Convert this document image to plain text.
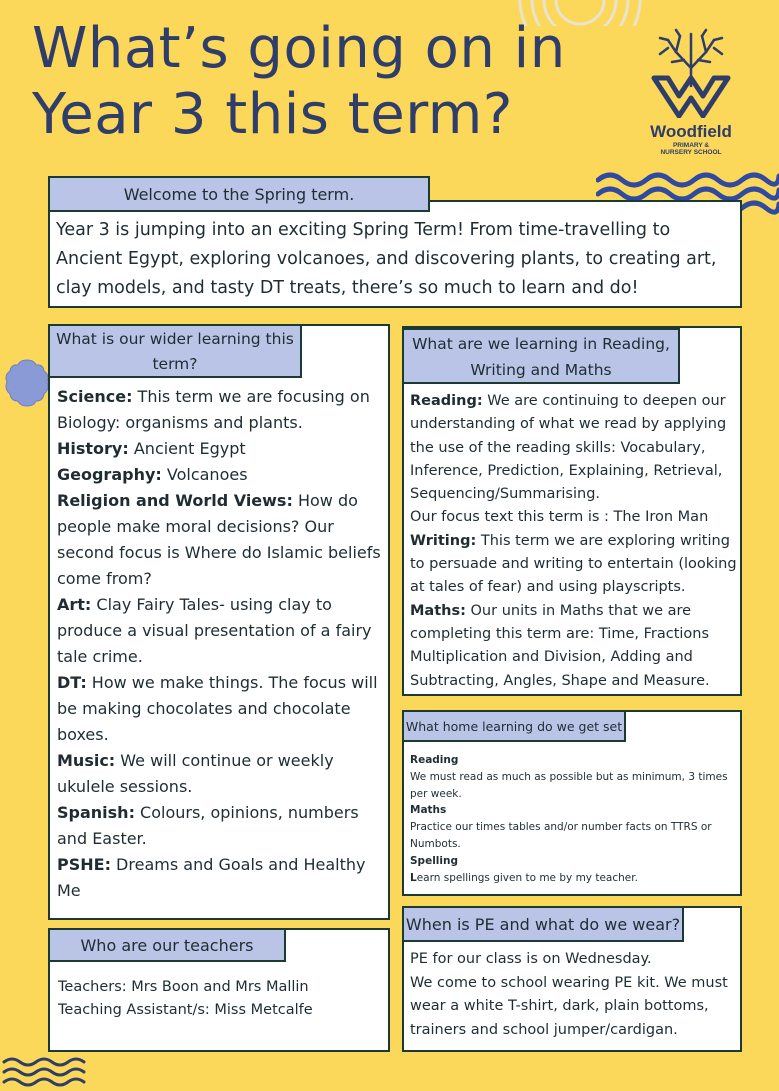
What’s going on in
Year 3 this term?	Woodfield
PRIMARY &
NURSERY SCHOOL
Year 3 is jumping into an exciting Spring Term! From time-travelling to Ancient Egypt, exploring volcanoes, and discovering plants, to creating art, clay models, and tasty DT treats, there’s so much to learn and do!
Welcome to the Spring term.
Science: This term we are focusing on Biology: organisms and plants.
History: Ancient Egypt
Geography: Volcanoes
Religion and World Views: How do people make moral decisions? Our second focus is Where do Islamic beliefs come from?
Art: Clay Fairy Tales- using clay to produce a visual presentation of a fairy tale crime.
DT: How we make things. The focus will be making chocolates and chocolate boxes.
Music: We will continue or weekly ukulele sessions.
Spanish: Colours, opinions, numbers and Easter.
PSHE: Dreams and Goals and Healthy Me
What is our wider learning this term?
Reading: We are continuing to deepen our understanding of what we read by applying the use of the reading skills: Vocabulary, Inference, Prediction, Explaining, Retrieval, Sequencing/Summarising.
Our focus text this term is : The Iron Man
Writing: This term we are exploring writing to persuade and writing to entertain (looking at tales of fear) and using playscripts.
Maths: Our units in Maths that we are completing this term are: Time, Fractions Multiplication and Division, Adding and Subtracting, Angles, Shape and Measure.
What are we learning in Reading, Writing and Maths
Reading
We must read as much as possible but as minimum, 3 times per week.
Maths
Practice our times tables and/or number facts on TTRS or Numbots.
Spelling
Learn spellings given to me by my teacher.
What home learning do we get set
Teachers: Mrs Boon and Mrs Mallin
Teaching Assistant/s: Miss Metcalfe
Who are our teachers
PE for our class is on Wednesday.
We come to school wearing PE kit. We must wear a white T-shirt, dark, plain bottoms, trainers and school jumper/cardigan.
When is PE and what do we wear?
